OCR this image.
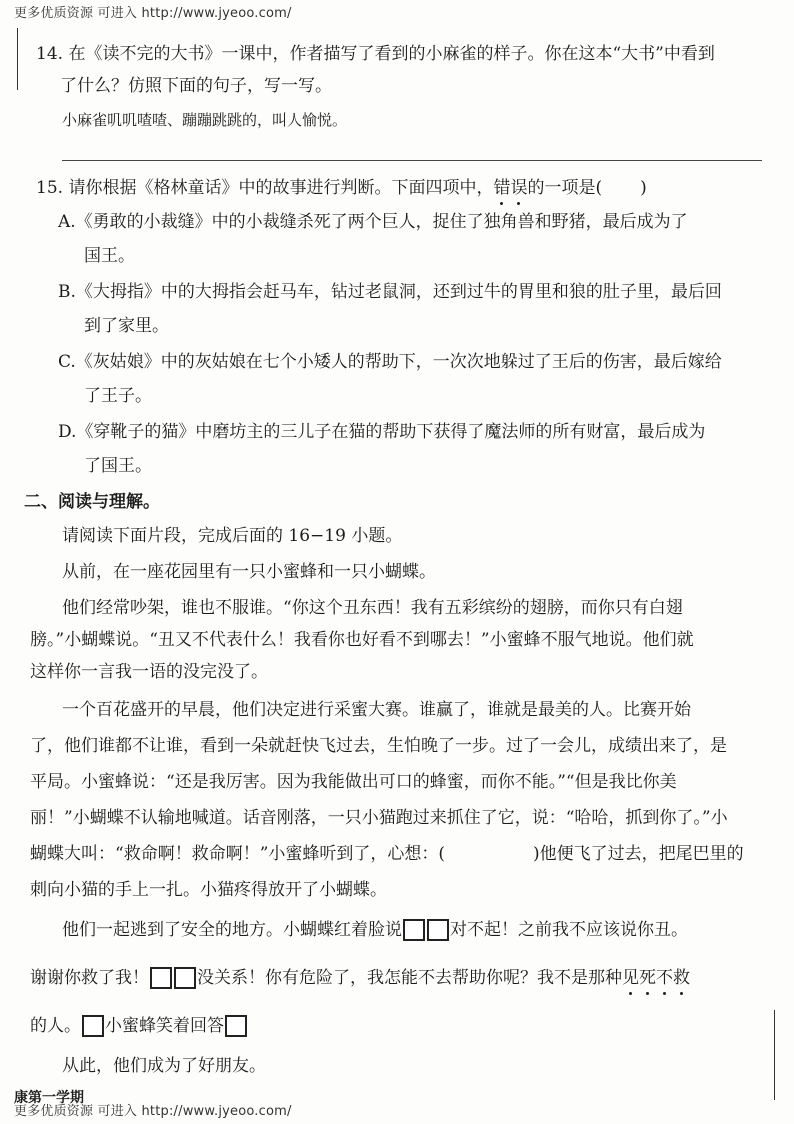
更多优质资源 可进入 http://www.jyeoo.com/
14. 在《读不完的大书》一课中，作者描写了看到的小麻雀的样子。你在这本“大书”中看到
了什么？仿照下面的句子，写一写。
小麻雀叽叽喳喳、蹦蹦跳跳的，叫人愉悦。
15. 请你根据《格林童话》中的故事进行判断。下面四项中，错误的一项是( )
A.《勇敢的小裁缝》中的小裁缝杀死了两个巨人，捉住了独角兽和野猪，最后成为了
国王。
B.《大拇指》中的大拇指会赶马车，钻过老鼠洞，还到过牛的胃里和狼的肚子里，最后回
到了家里。
C.《灰姑娘》中的灰姑娘在七个小矮人的帮助下，一次次地躲过了王后的伤害，最后嫁给
了王子。
D.《穿靴子的猫》中磨坊主的三儿子在猫的帮助下获得了魔法师的所有财富，最后成为
了国王。
二、阅读与理解。
请阅读下面片段，完成后面的 16−19 小题。
从前，在一座花园里有一只小蜜蜂和一只小蝴蝶。
他们经常吵架，谁也不服谁。“你这个丑东西！我有五彩缤纷的翅膀，而你只有白翅
膀。”小蝴蝶说。“丑又不代表什么！我看你也好看不到哪去！”小蜜蜂不服气地说。他们就
这样你一言我一语的没完没了。
一个百花盛开的早晨，他们决定进行采蜜大赛。谁赢了，谁就是最美的人。比赛开始
了，他们谁都不让谁，看到一朵就赶快飞过去，生怕晚了一步。过了一会儿，成绩出来了，是
平局。小蜜蜂说：“还是我厉害。因为我能做出可口的蜂蜜，而你不能。”“但是我比你美
丽！”小蝴蝶不认输地喊道。话音刚落，一只小猫跑过来抓住了它，说：“哈哈，抓到你了。”小
蝴蝶大叫：“救命啊！救命啊！”小蜜蜂听到了，心想：(	)他便飞了过去，把尾巴里的
刺向小猫的手上一扎。小猫疼得放开了小蝴蝶。
他们一起逃到了安全的地方。小蝴蝶红着脸说	对不起！之前我不应该说你丑。
谢谢你救了我！	没关系！你有危险了，我怎能不去帮助你呢？我不是那种见死不救
的人。 小蜜蜂笑着回答
从此，他们成为了好朋友。
康第一学期
更多优质资源 可进入 http://www.jyeoo.com/
